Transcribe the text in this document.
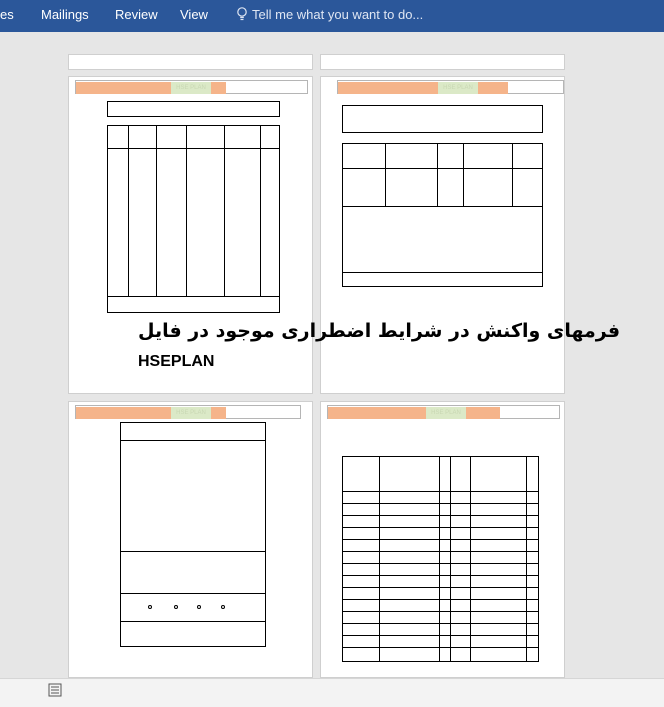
es Mailings Review View	Tell me what you want to do...
HSE PLAN	HSE PLAN
HSE PLAN	HSE PLAN
فرمهای واکنش در شرایط اضطراری موجود در فایل
HSEPLAN
